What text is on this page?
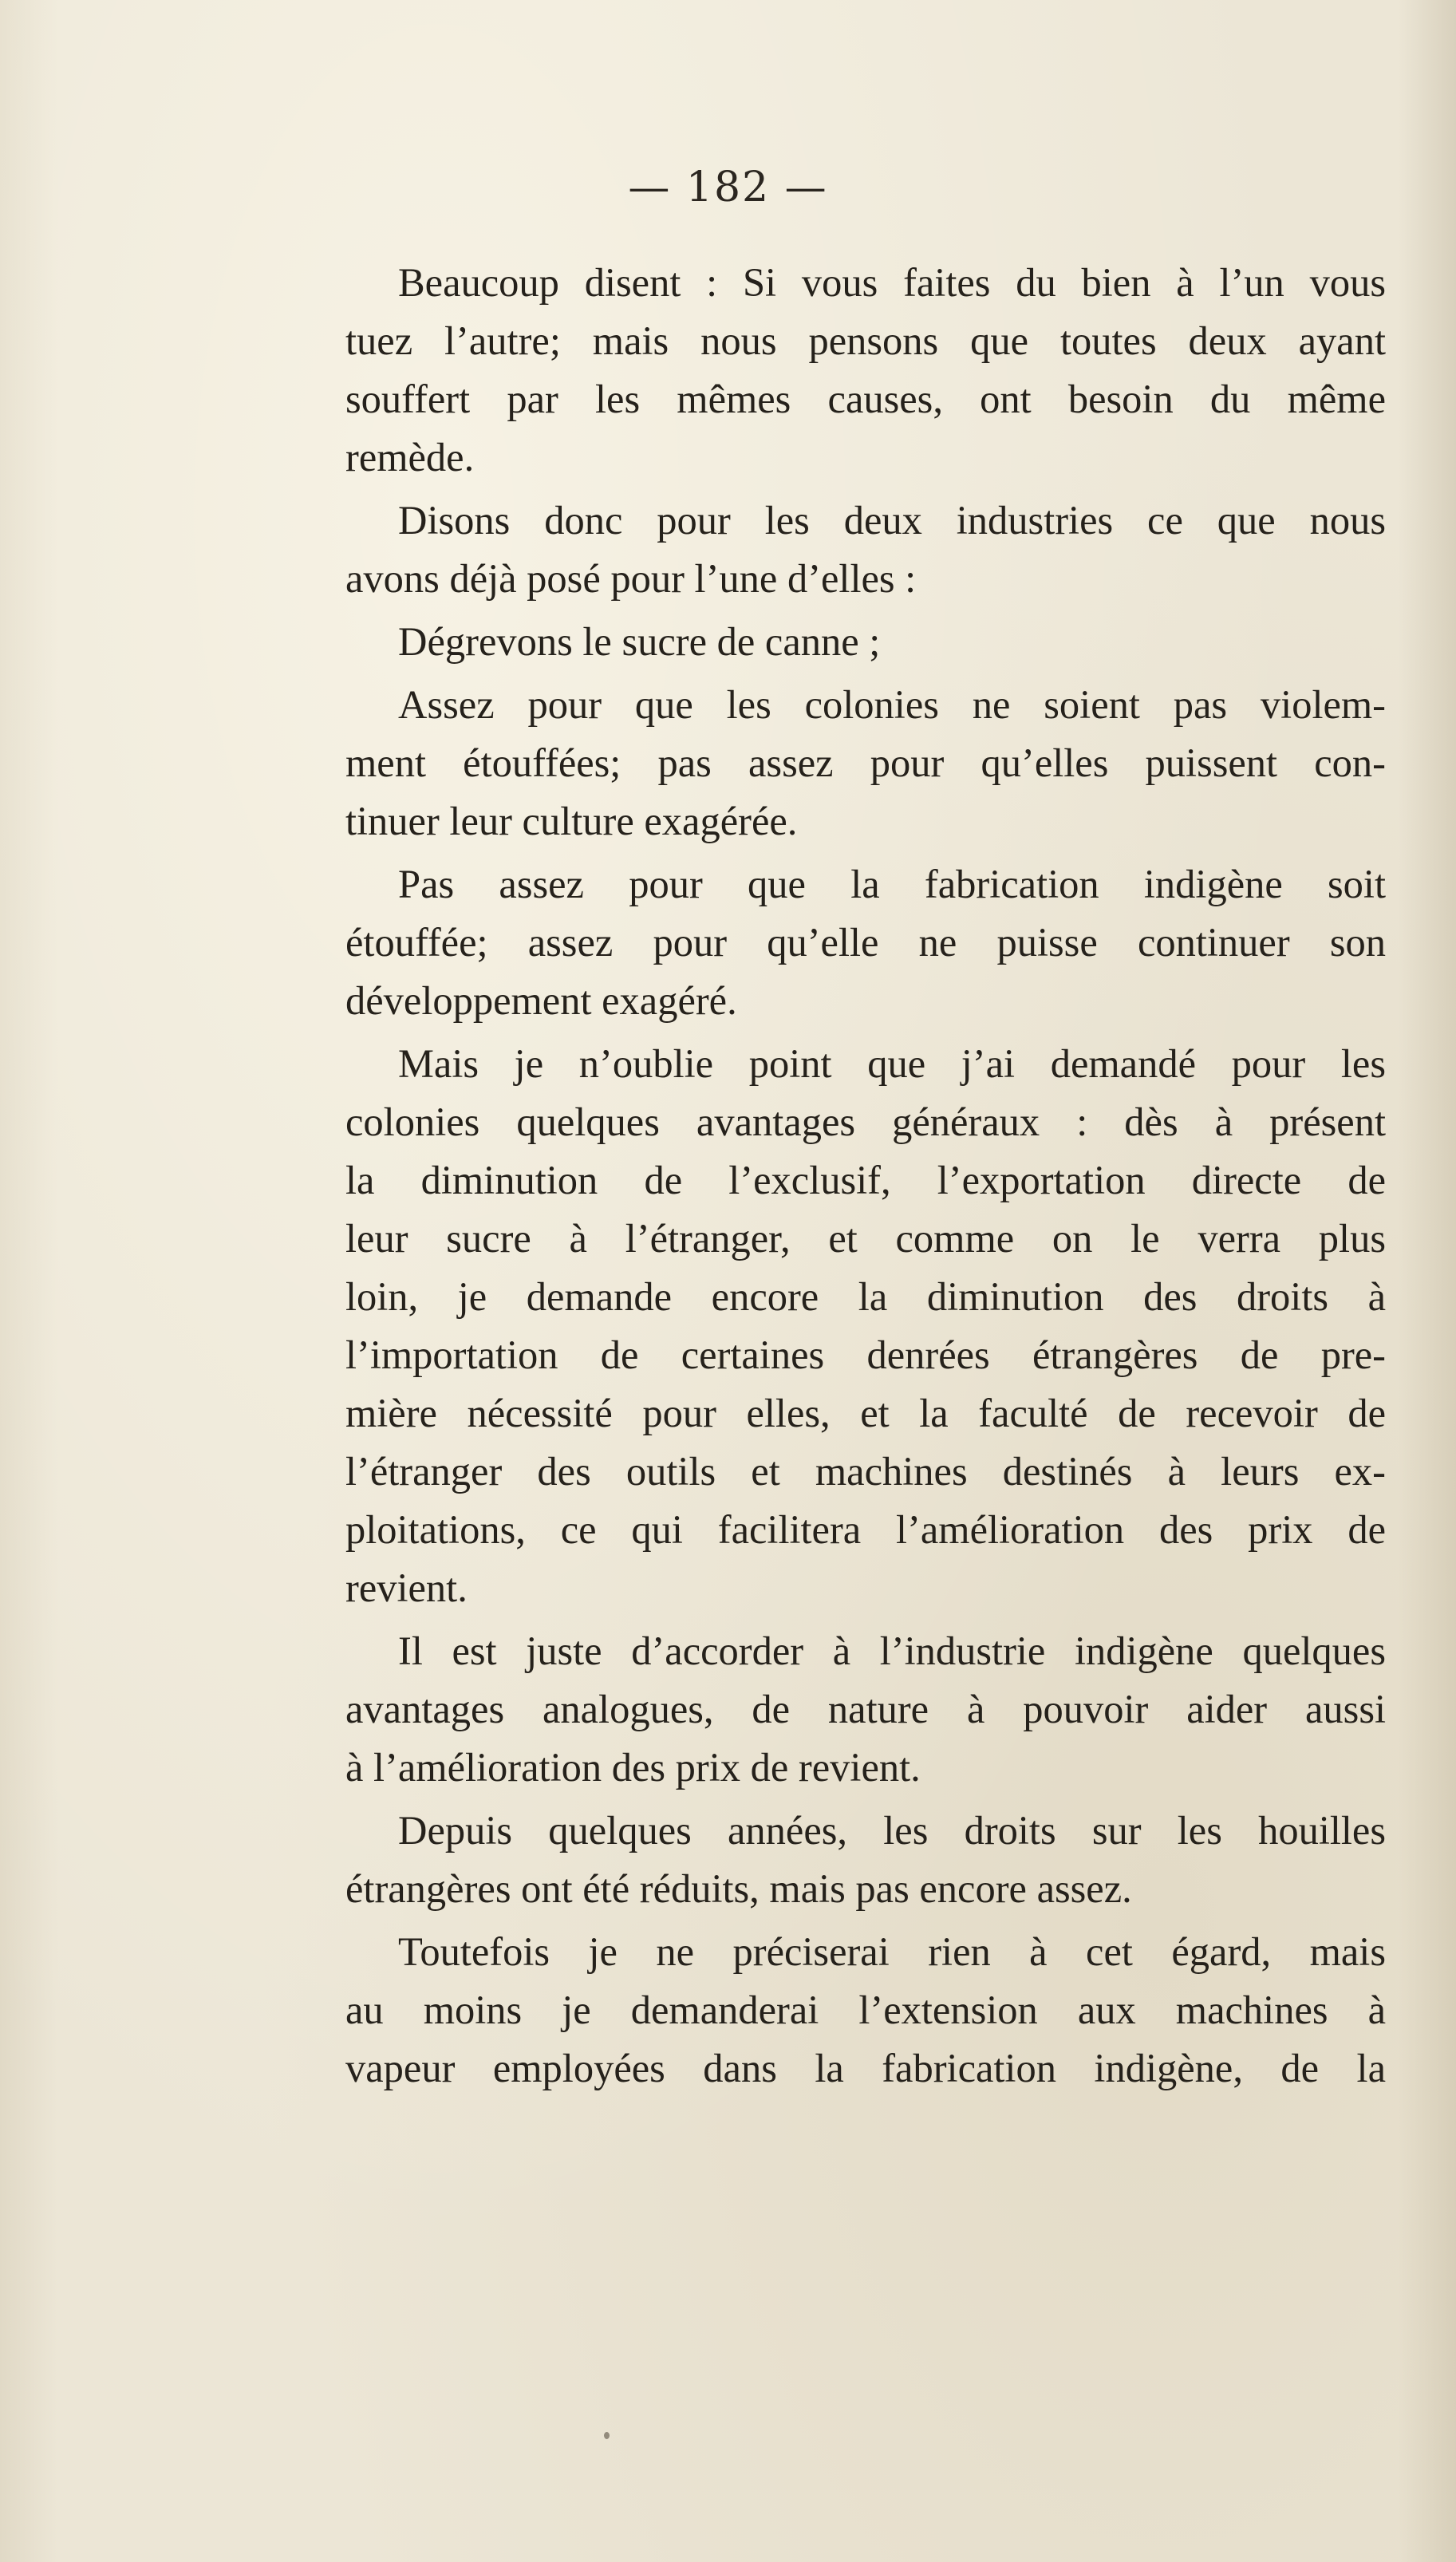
— 182 —

Beaucoup disent : Si vous faites du bien à l’un vous
tuez l’autre; mais nous pensons que toutes deux ayant
souffert par les mêmes causes, ont besoin du même
remède.

Disons donc pour les deux industries ce que nous
avons déjà posé pour l’une d’elles :

Dégrevons le sucre de canne ;

Assez pour que les colonies ne soient pas violem-
ment étouffées; pas assez pour qu’elles puissent con-
tinuer leur culture exagérée.

Pas assez pour que la fabrication indigène soit
étouffée; assez pour qu’elle ne puisse continuer son
développement exagéré.

Mais je n’oublie point que j’ai demandé pour les
colonies quelques avantages généraux : dès à présent
la diminution de l’exclusif, l’exportation directe de
leur sucre à l’étranger, et comme on le verra plus
loin, je demande encore la diminution des droits à
l’importation de certaines denrées étrangères de pre-
mière nécessité pour elles, et la faculté de recevoir de
l’étranger des outils et machines destinés à leurs ex-
ploitations, ce qui facilitera l’amélioration des prix de
revient.

Il est juste d’accorder à l’industrie indigène quelques
avantages analogues, de nature à pouvoir aider aussi
à l’amélioration des prix de revient.

Depuis quelques années, les droits sur les houilles
étrangères ont été réduits, mais pas encore assez.

Toutefois je ne préciserai rien à cet égard, mais
au moins je demanderai l’extension aux machines à
vapeur employées dans la fabrication indigène, de la
